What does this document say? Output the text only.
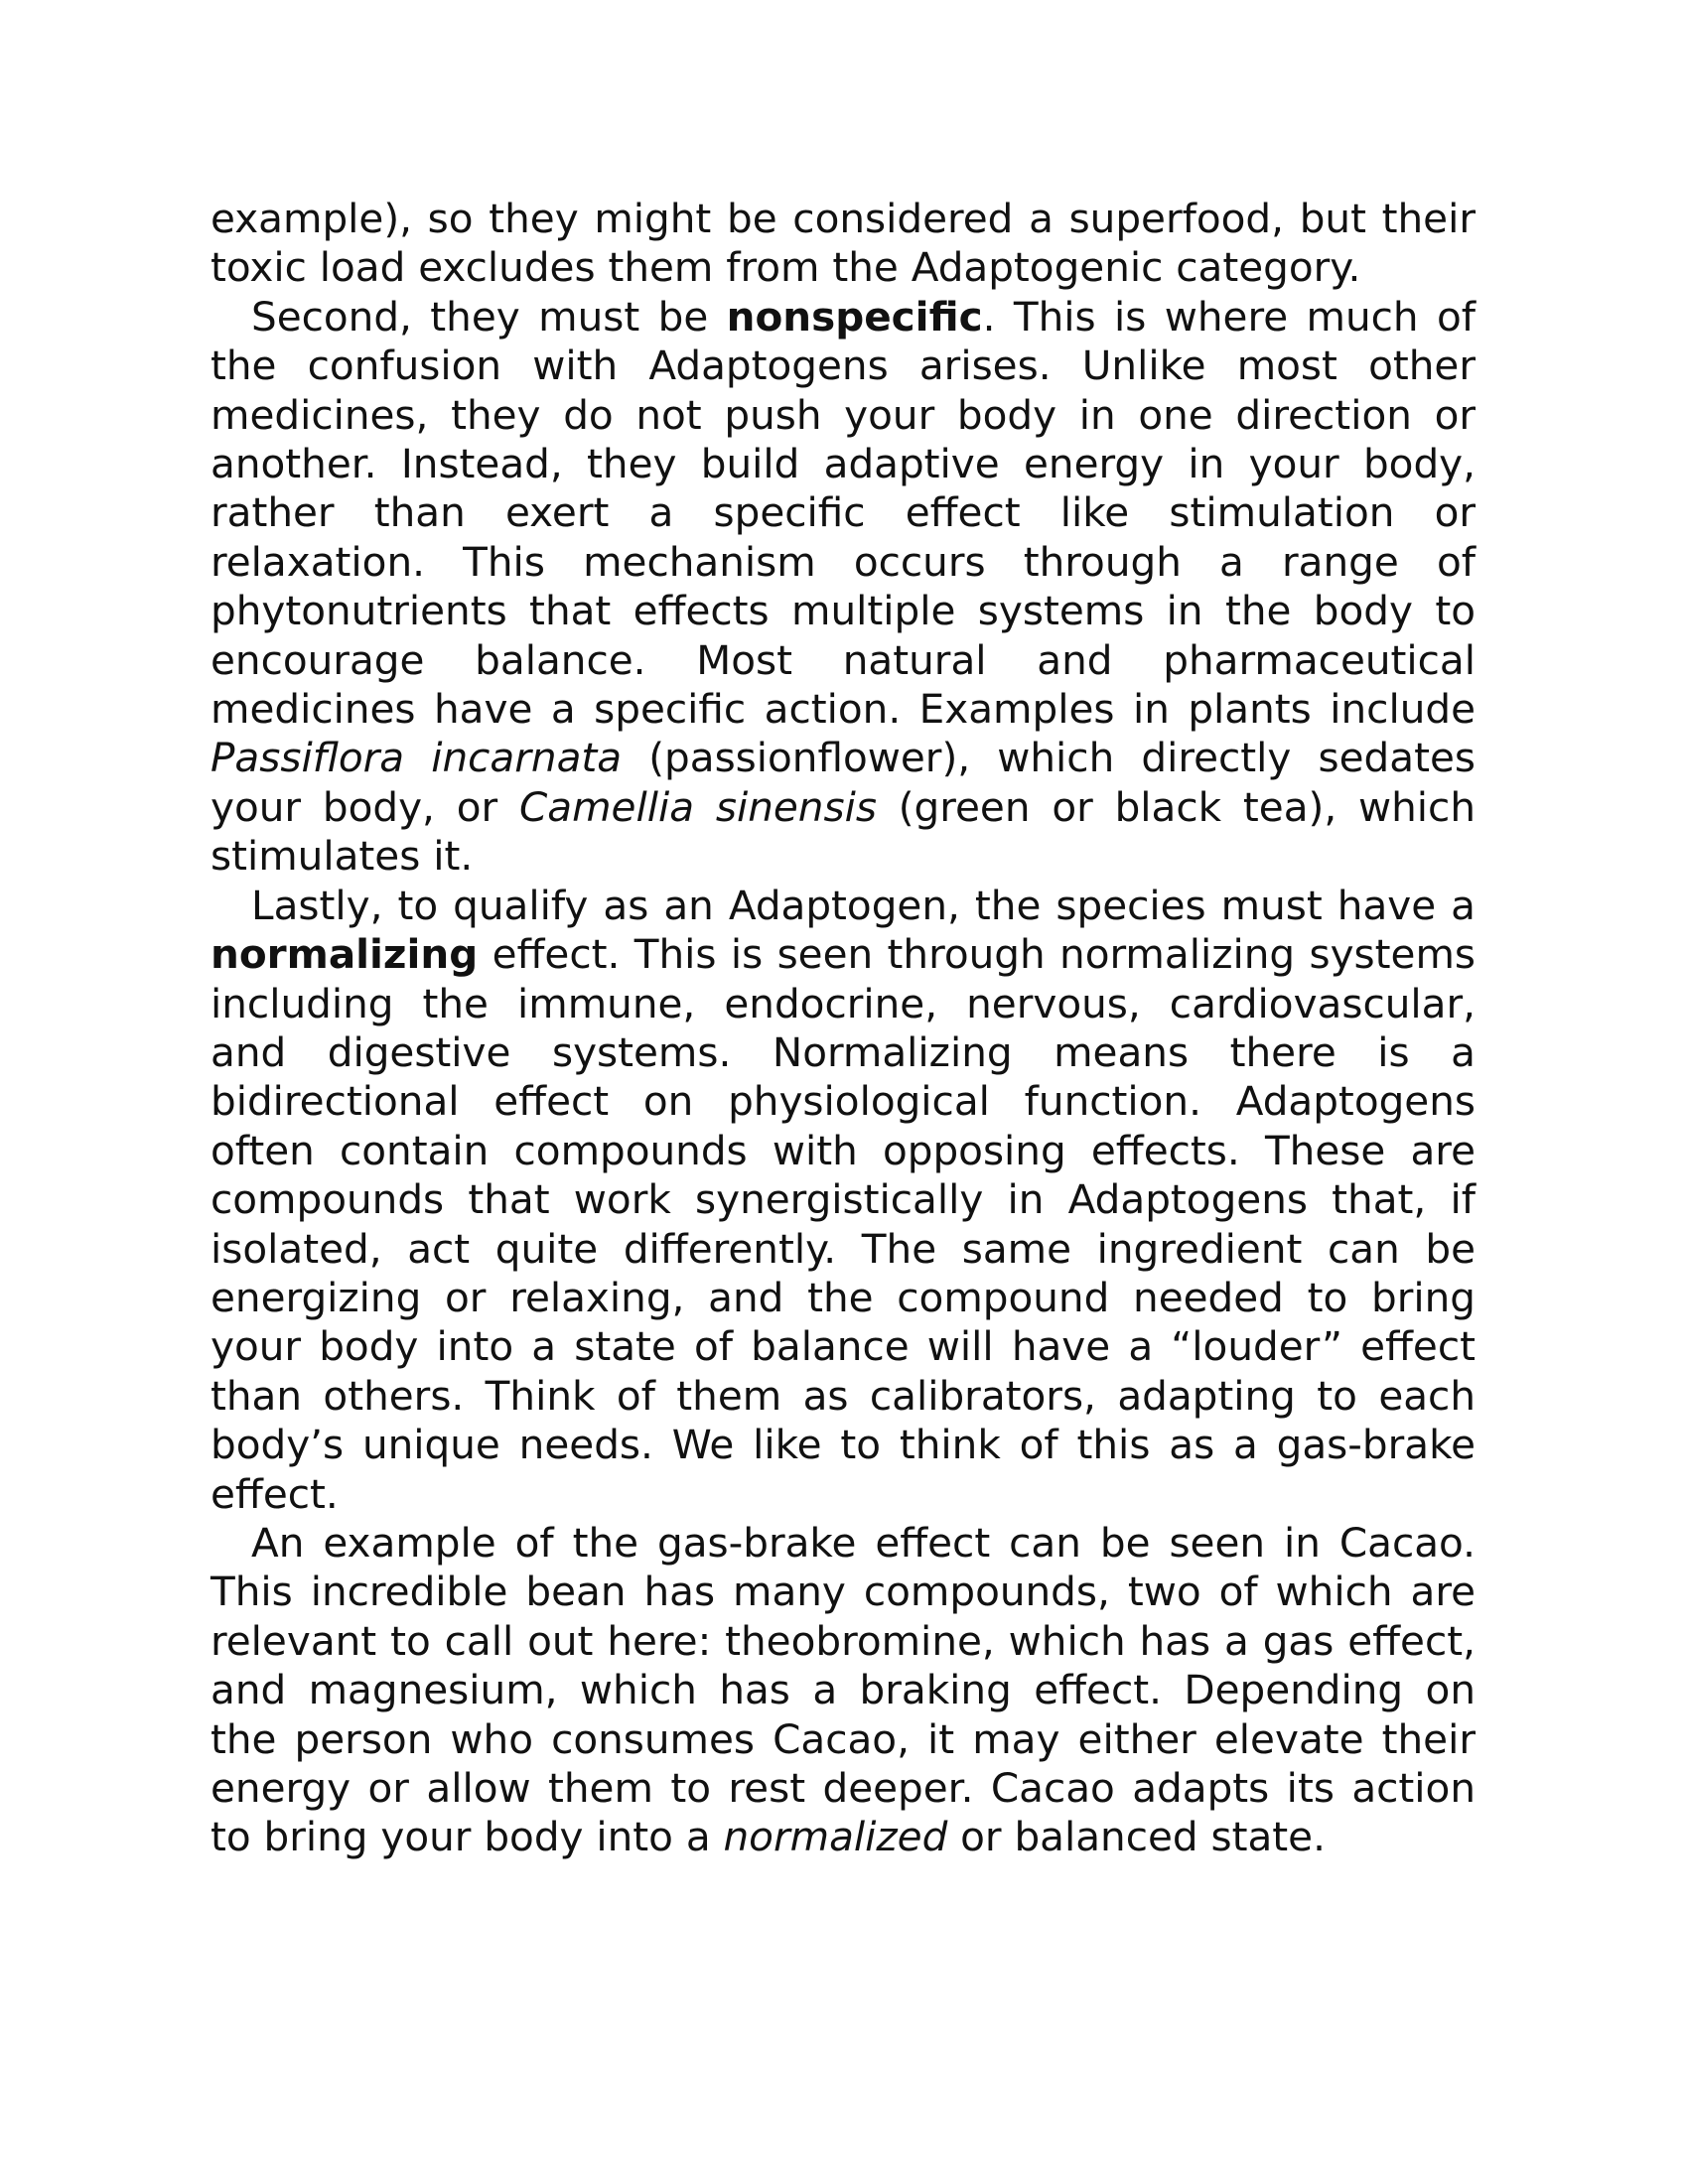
example), so they might be considered a superfood, but their toxic load excludes them from the Adaptogenic category.

Second, they must be nonspecific. This is where much of the confusion with Adaptogens arises. Unlike most other medicines, they do not push your body in one direction or another. Instead, they build adaptive energy in your body, rather than exert a specific effect like stimulation or relaxation. This mechanism occurs through a range of phytonutrients that effects multiple systems in the body to encourage balance. Most natural and pharmaceutical medicines have a specific action. Examples in plants include Passiflora incarnata (passionflower), which directly sedates your body, or Camellia sinensis (green or black tea), which stimulates it.

Lastly, to qualify as an Adaptogen, the species must have a normalizing effect. This is seen through normalizing systems including the immune, endocrine, nervous, cardiovascular, and digestive systems. Normalizing means there is a bidirectional effect on physiological function. Adaptogens often contain compounds with opposing effects. These are compounds that work synergistically in Adaptogens that, if isolated, act quite differently. The same ingredient can be energizing or relaxing, and the compound needed to bring your body into a state of balance will have a “louder” effect than others. Think of them as calibrators, adapting to each body’s unique needs. We like to think of this as a gas-brake effect.

An example of the gas-brake effect can be seen in Cacao. This incredible bean has many compounds, two of which are relevant to call out here: theobromine, which has a gas effect, and magnesium, which has a braking effect. Depending on the person who consumes Cacao, it may either elevate their energy or allow them to rest deeper. Cacao adapts its action to bring your body into a normalized or balanced state.
